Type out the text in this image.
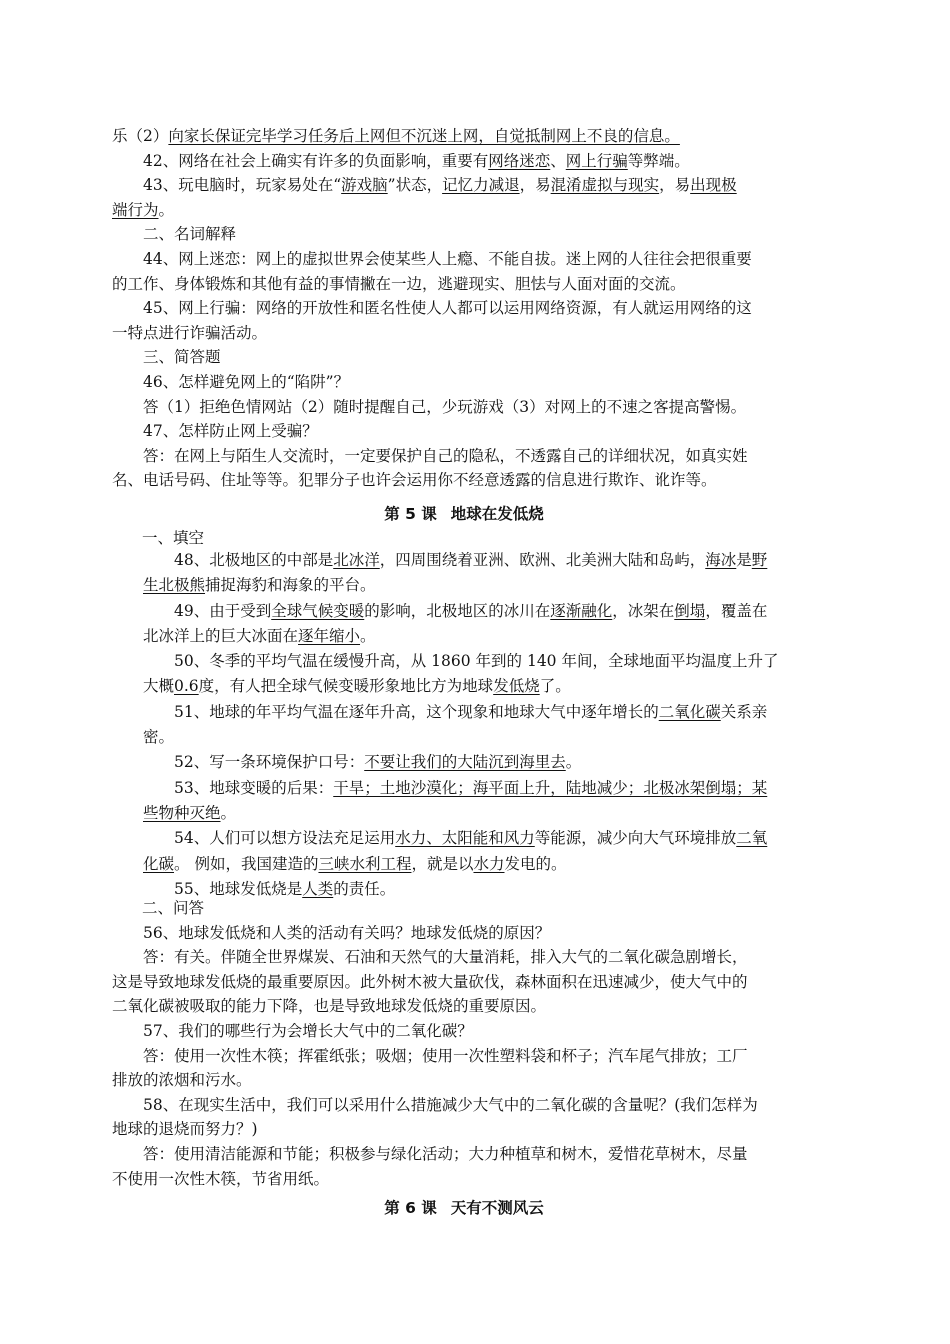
乐（2）向家长保证完毕学习任务后上网但不沉迷上网，自觉抵制网上不良的信息。
42、网络在社会上确实有许多的负面影响，重要有网络迷恋、网上行骗等弊端。
43、玩电脑时，玩家易处在“游戏脑”状态，记忆力减退，易混淆虚拟与现实，易出现极
端行为。
二、名词解释
44、网上迷恋：网上的虚拟世界会使某些人上瘾、不能自拔。迷上网的人往往会把很重要
的工作、身体锻炼和其他有益的事情撇在一边，逃避现实、胆怯与人面对面的交流。
45、网上行骗：网络的开放性和匿名性使人人都可以运用网络资源，有人就运用网络的这
一特点进行诈骗活动。
三、简答题
46、怎样避免网上的“陷阱”？
答（1）拒绝色情网站（2）随时提醒自己，少玩游戏（3）对网上的不速之客提高警惕。
47、怎样防止网上受骗？
答：在网上与陌生人交流时，一定要保护自己的隐私，不透露自己的详细状况，如真实姓
名、电话号码、住址等等。犯罪分子也许会运用你不经意透露的信息进行欺诈、讹诈等。
第 5 课 地球在发低烧
一、填空
48、北极地区的中部是北冰洋，四周围绕着亚洲、欧洲、北美洲大陆和岛屿，海冰是野
生北极熊捕捉海豹和海象的平台。
49、由于受到全球气候变暖的影响，北极地区的冰川在逐渐融化，冰架在倒塌，覆盖在
北冰洋上的巨大冰面在逐年缩小。
50、冬季的平均气温在缓慢升高，从 1860 年到的 140 年间，全球地面平均温度上升了
大概0.6度，有人把全球气候变暖形象地比方为地球发低烧了。
51、地球的年平均气温在逐年升高，这个现象和地球大气中逐年增长的二氧化碳关系亲
密。
52、写一条环境保护口号：不要让我们的大陆沉到海里去。
53、地球变暖的后果：干旱；土地沙漠化；海平面上升，陆地减少；北极冰架倒塌；某
些物种灭绝。
54、人们可以想方设法充足运用水力、太阳能和风力等能源，减少向大气环境排放二氧
化碳。 例如，我国建造的三峡水利工程，就是以水力发电的。
55、地球发低烧是人类的责任。
二、问答
56、地球发低烧和人类的活动有关吗？地球发低烧的原因？
答：有关。伴随全世界煤炭、石油和天然气的大量消耗，排入大气的二氧化碳急剧增长，
这是导致地球发低烧的最重要原因。此外树木被大量砍伐，森林面积在迅速减少，使大气中的
二氧化碳被吸取的能力下降，也是导致地球发低烧的重要原因。
57、我们的哪些行为会增长大气中的二氧化碳？
答：使用一次性木筷；挥霍纸张；吸烟；使用一次性塑料袋和杯子；汽车尾气排放；工厂
排放的浓烟和污水。
58、在现实生活中，我们可以采用什么措施减少大气中的二氧化碳的含量呢？(我们怎样为
地球的退烧而努力？)
答：使用清洁能源和节能；积极参与绿化活动；大力种植草和树木，爱惜花草树木，尽量
不使用一次性木筷，节省用纸。
第 6 课 天有不测风云
